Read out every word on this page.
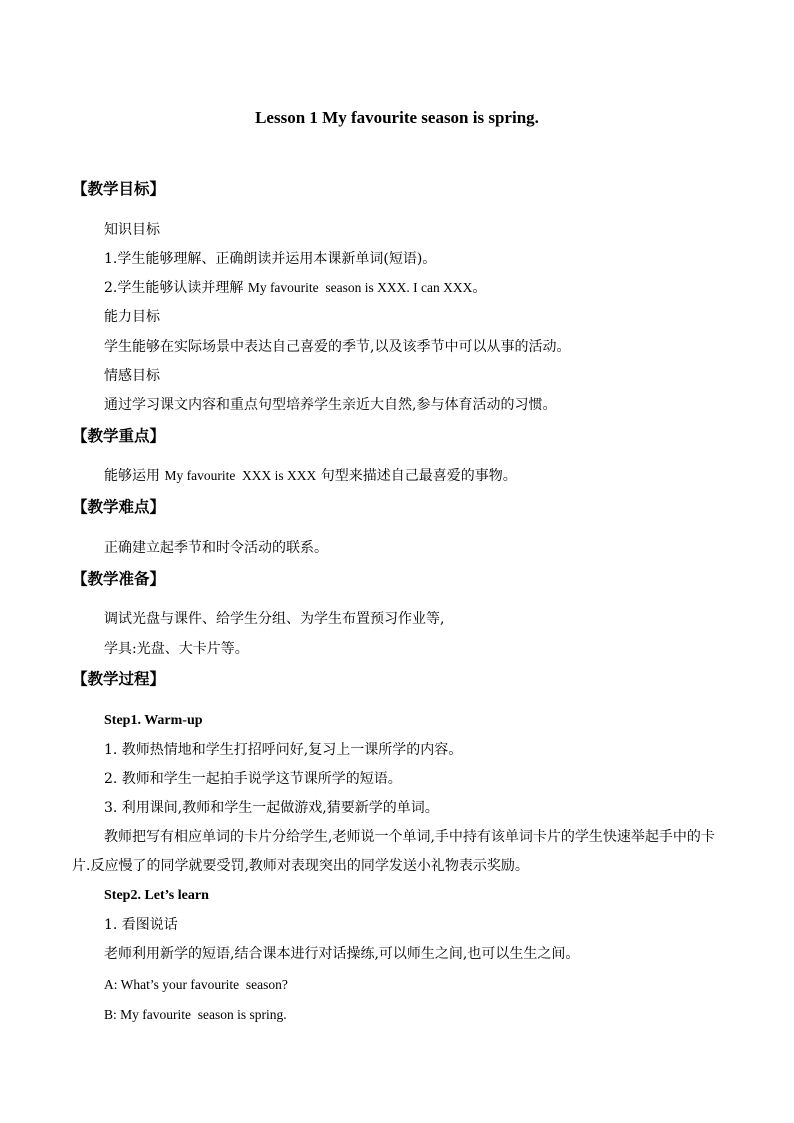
Lesson 1 My favourite season is spring.
【教学目标】
知识目标
1.学生能够理解、正确朗读并运用本课新单词(短语)。
2.学生能够认读并理解 My favourite  season is XXX. I can XXX。
能力目标
学生能够在实际场景中表达自己喜爱的季节,以及该季节中可以从事的活动。
情感目标
通过学习课文内容和重点句型培养学生亲近大自然,参与体育活动的习惯。
【教学重点】
能够运用 My favourite  XXX is XXX 句型来描述自己最喜爱的事物。
【教学难点】
正确建立起季节和时令活动的联系。
【教学准备】
调试光盘与课件、给学生分组、为学生布置预习作业等,
学具:光盘、大卡片等。
【教学过程】
Step1. Warm-up
1. 教师热情地和学生打招呼问好,复习上一课所学的内容。
2. 教师和学生一起拍手说学这节课所学的短语。
3. 利用课间,教师和学生一起做游戏,猜要新学的单词。
教师把写有相应单词的卡片分给学生,老师说一个单词,手中持有该单词卡片的学生快速举起手中的卡片.反应慢了的同学就要受罚,教师对表现突出的同学发送小礼物表示奖励。
Step2. Let’s learn
1. 看图说话
老师利用新学的短语,结合课本进行对话操练,可以师生之间,也可以生生之间。
A: What’s your favourite  season?
B: My favourite  season is spring.
